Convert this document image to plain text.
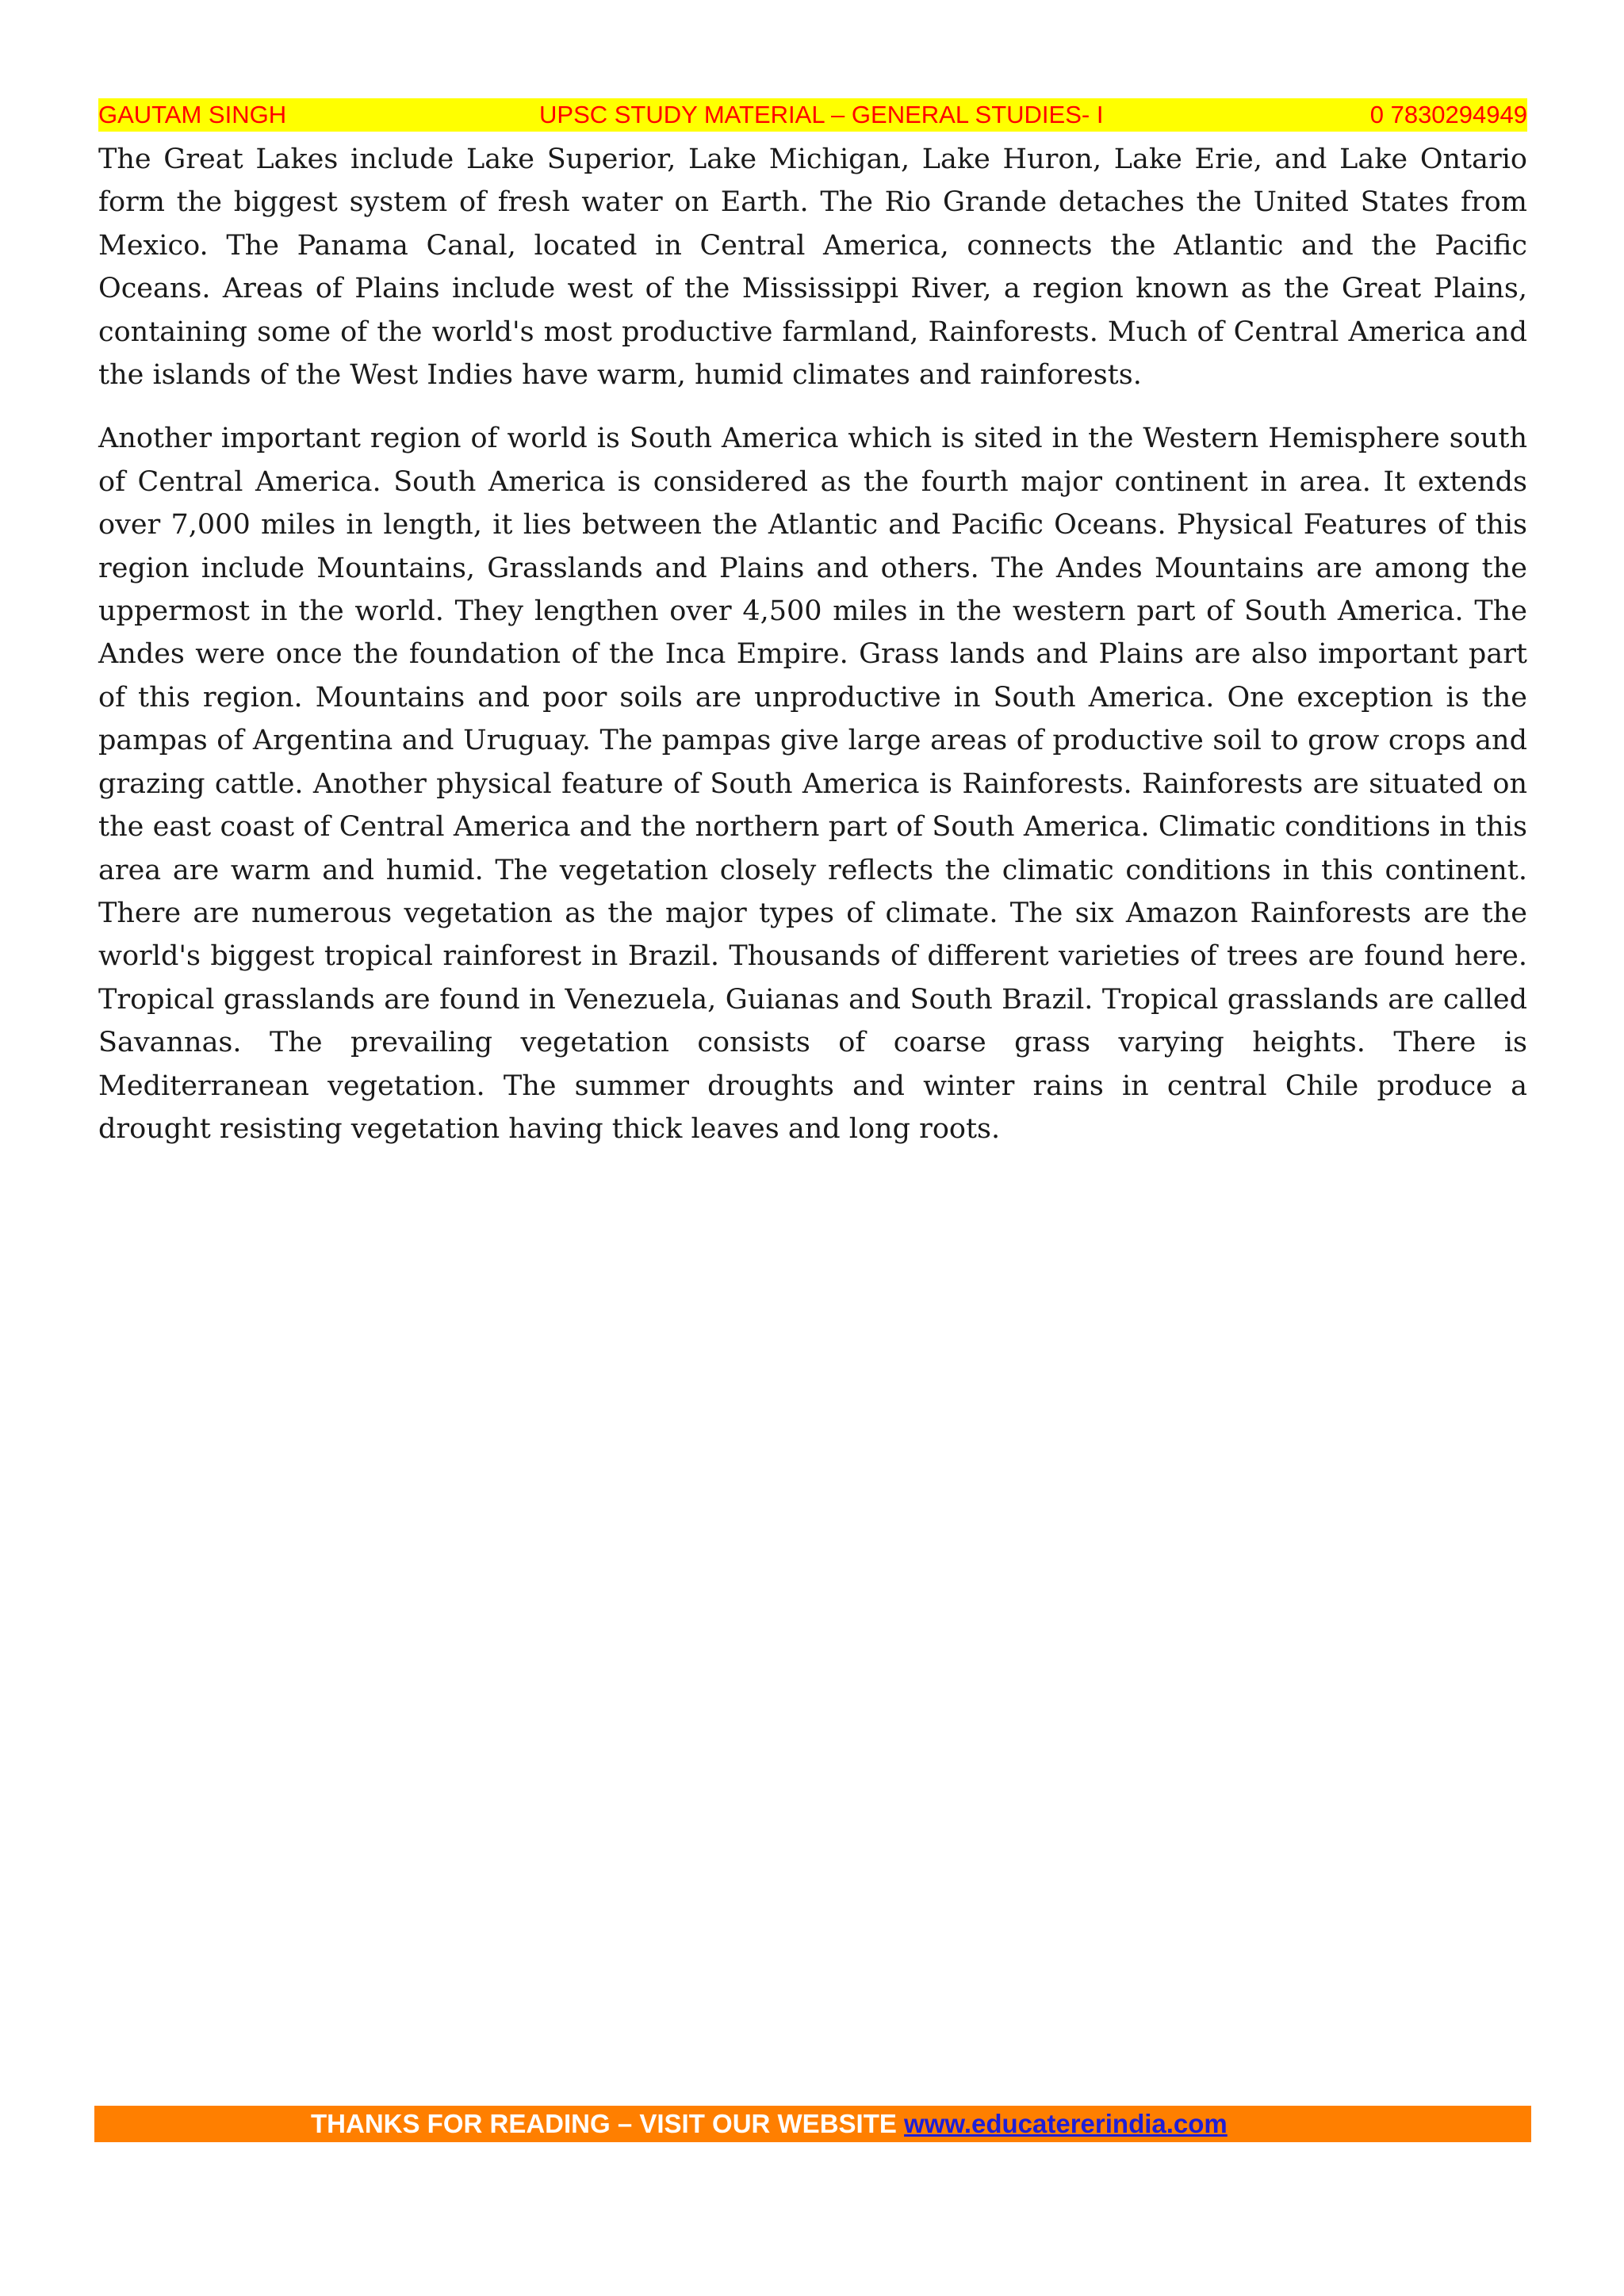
GAUTAM SINGH	UPSC STUDY MATERIAL – GENERAL STUDIES- I	0 7830294949

The Great Lakes include Lake Superior, Lake Michigan, Lake Huron, Lake Erie, and Lake Ontario form the biggest system of fresh water on Earth. The Rio Grande detaches the United States from Mexico. The Panama Canal, located in Central America, connects the Atlantic and the Pacific Oceans. Areas of Plains include west of the Mississippi River, a region known as the Great Plains, containing some of the world's most productive farmland, Rainforests. Much of Central America and the islands of the West Indies have warm, humid climates and rainforests.

Another important region of world is South America which is sited in the Western Hemisphere south of Central America. South America is considered as the fourth major continent in area. It extends over 7,000 miles in length, it lies between the Atlantic and Pacific Oceans. Physical Features of this region include Mountains, Grasslands and Plains and others. The Andes Mountains are among the uppermost in the world. They lengthen over 4,500 miles in the western part of South America. The Andes were once the foundation of the Inca Empire. Grass lands and Plains are also important part of this region. Mountains and poor soils are unproductive in South America. One exception is the pampas of Argentina and Uruguay. The pampas give large areas of productive soil to grow crops and grazing cattle. Another physical feature of South America is Rainforests. Rainforests are situated on the east coast of Central America and the northern part of South America. Climatic conditions in this area are warm and humid. The vegetation closely reflects the climatic conditions in this continent. There are numerous vegetation as the major types of climate. The six Amazon Rainforests are the world's biggest tropical rainforest in Brazil. Thousands of different varieties of trees are found here. Tropical grasslands are found in Venezuela, Guianas and South Brazil. Tropical grasslands are called Savannas. The prevailing vegetation consists of coarse grass varying heights. There is Mediterranean vegetation. The summer droughts and winter rains in central Chile produce a drought resisting vegetation having thick leaves and long roots.

THANKS FOR READING – VISIT OUR WEBSITE www.educatererindia.com
